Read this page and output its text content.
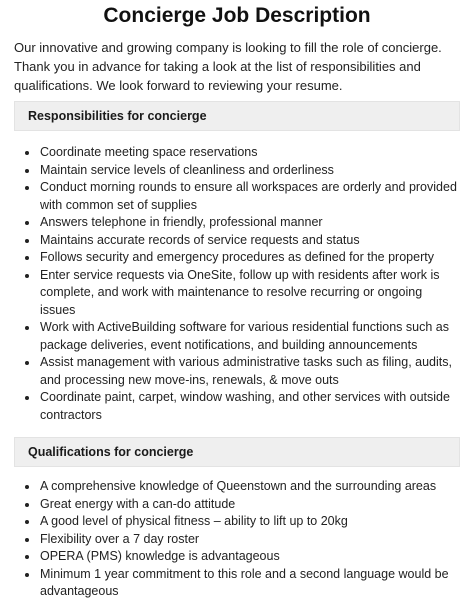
Concierge Job Description

Our innovative and growing company is looking to fill the role of concierge. Thank you in advance for taking a look at the list of responsibilities and qualifications. We look forward to reviewing your resume.

Responsibilities for concierge
Coordinate meeting space reservations
Maintain service levels of cleanliness and orderliness
Conduct morning rounds to ensure all workspaces are orderly and provided with common set of supplies
Answers telephone in friendly, professional manner
Maintains accurate records of service requests and status
Follows security and emergency procedures as defined for the property
Enter service requests via OneSite, follow up with residents after work is complete, and work with maintenance to resolve recurring or ongoing issues
Work with ActiveBuilding software for various residential functions such as package deliveries, event notifications, and building announcements
Assist management with various administrative tasks such as filing, audits, and processing new move-ins, renewals, & move outs
Coordinate paint, carpet, window washing, and other services with outside contractors
Qualifications for concierge
A comprehensive knowledge of Queenstown and the surrounding areas
Great energy with a can-do attitude
A good level of physical fitness – ability to lift up to 20kg
Flexibility over a 7 day roster
OPERA (PMS) knowledge is advantageous
Minimum 1 year commitment to this role and a second language would be advantageous
